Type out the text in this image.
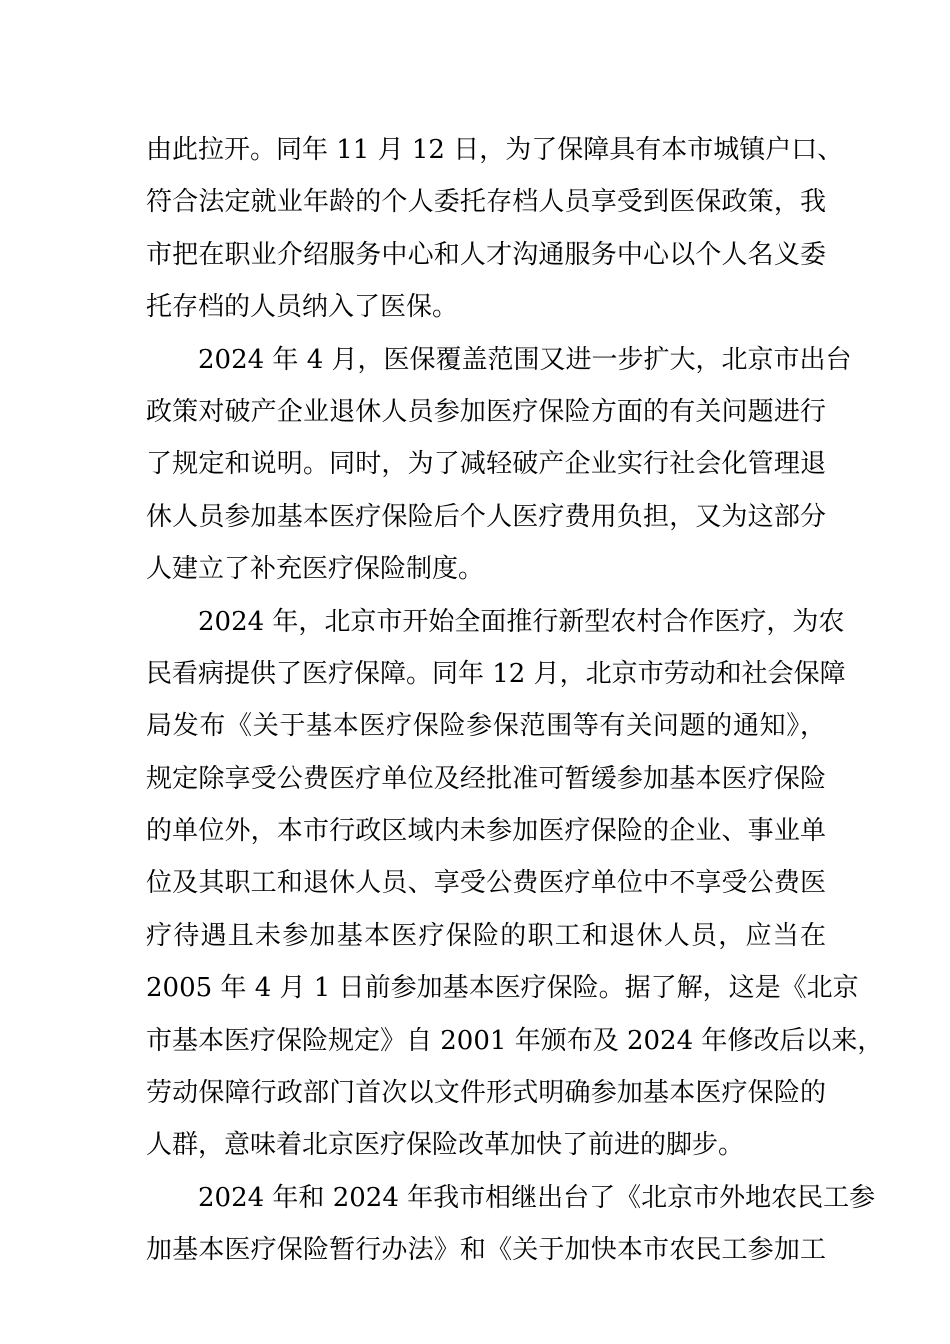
由此拉开。同年 11 月 12 日，为了保障具有本市城镇户口、
符合法定就业年龄的个人委托存档人员享受到医保政策，我
市把在职业介绍服务中心和人才沟通服务中心以个人名义委
托存档的人员纳入了医保。
2024 年 4 月，医保覆盖范围又进一步扩大，北京市出台
政策对破产企业退休人员参加医疗保险方面的有关问题进行
了规定和说明。同时，为了减轻破产企业实行社会化管理退
休人员参加基本医疗保险后个人医疗费用负担，又为这部分
人建立了补充医疗保险制度。
2024 年，北京市开始全面推行新型农村合作医疗，为农
民看病提供了医疗保障。同年 12 月，北京市劳动和社会保障
局发布《关于基本医疗保险参保范围等有关问题的通知》，
规定除享受公费医疗单位及经批准可暂缓参加基本医疗保险
的单位外，本市行政区域内未参加医疗保险的企业、事业单
位及其职工和退休人员、享受公费医疗单位中不享受公费医
疗待遇且未参加基本医疗保险的职工和退休人员，应当在
2005 年 4 月 1 日前参加基本医疗保险。据了解，这是《北京
市基本医疗保险规定》自 2001 年颁布及 2024 年修改后以来，
劳动保障行政部门首次以文件形式明确参加基本医疗保险的
人群，意味着北京医疗保险改革加快了前进的脚步。
2024 年和 2024 年我市相继出台了《北京市外地农民工参
加基本医疗保险暂行办法》和《关于加快本市农民工参加工
